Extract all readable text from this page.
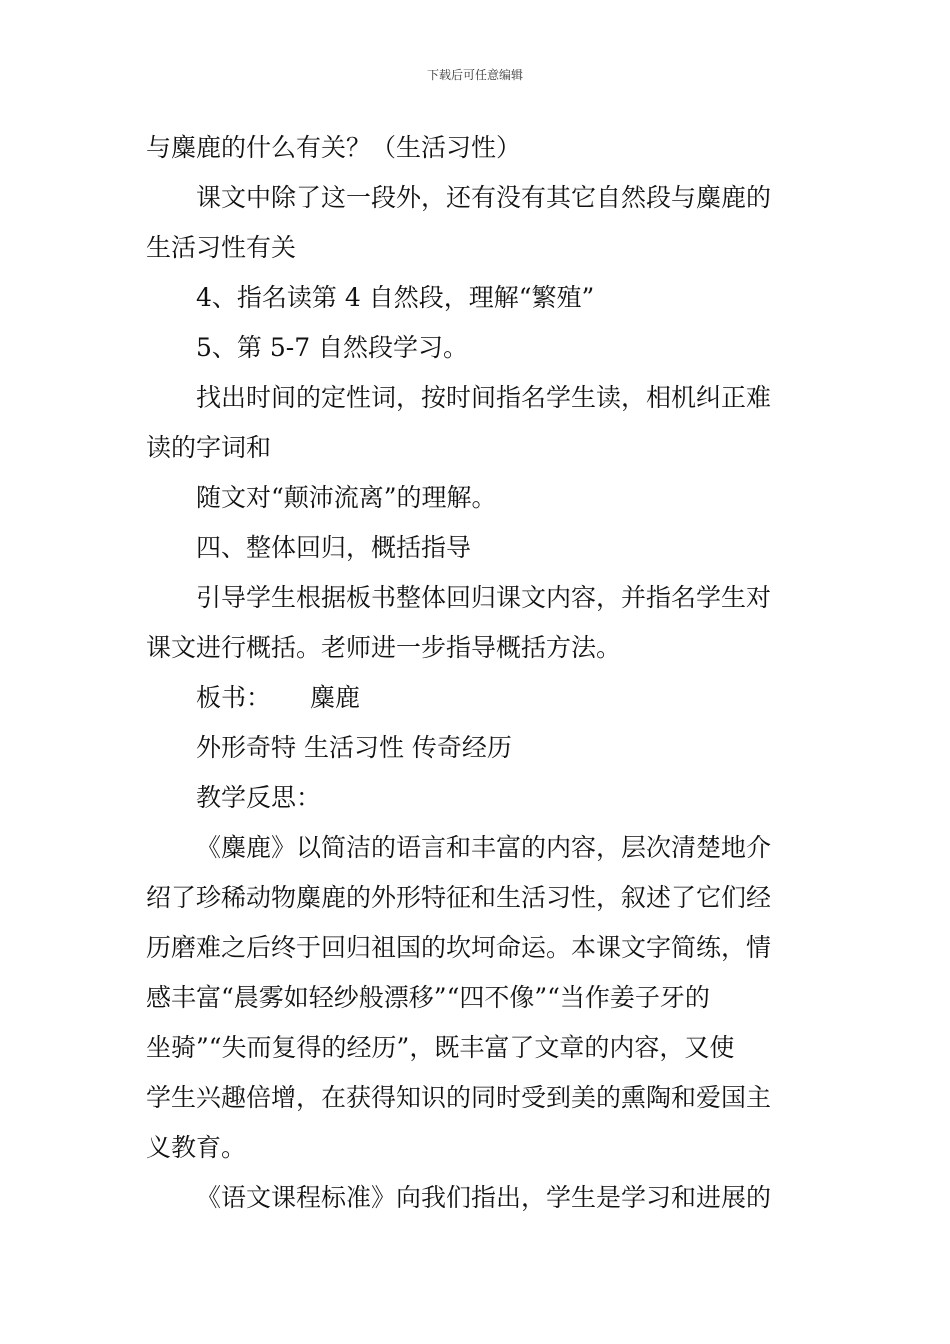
下载后可任意编辑
与麋鹿的什么有关？（生活习性）
课文中除了这一段外，还有没有其它自然段与麋鹿的
生活习性有关
4、指名读第 4 自然段，理解“繁殖”
5、第 5-7 自然段学习。
找出时间的定性词，按时间指名学生读，相机纠正难
读的字词和
随文对“颠沛流离”的理解。
四、整体回归，概括指导
引导学生根据板书整体回归课文内容，并指名学生对
课文进行概括。老师进一步指导概括方法。
板书： 麋鹿
外形奇特 生活习性 传奇经历
教学反思：
《麋鹿》以简洁的语言和丰富的内容，层次清楚地介
绍了珍稀动物麋鹿的外形特征和生活习性，叙述了它们经
历磨难之后终于回归祖国的坎坷命运。本课文字简练，情
感丰富“晨雾如轻纱般漂移”“四不像”“当作姜子牙的
坐骑”“失而复得的经历”，既丰富了文章的内容，又使
学生兴趣倍增，在获得知识的同时受到美的熏陶和爱国主
义教育。
《语文课程标准》向我们指出，学生是学习和进展的
